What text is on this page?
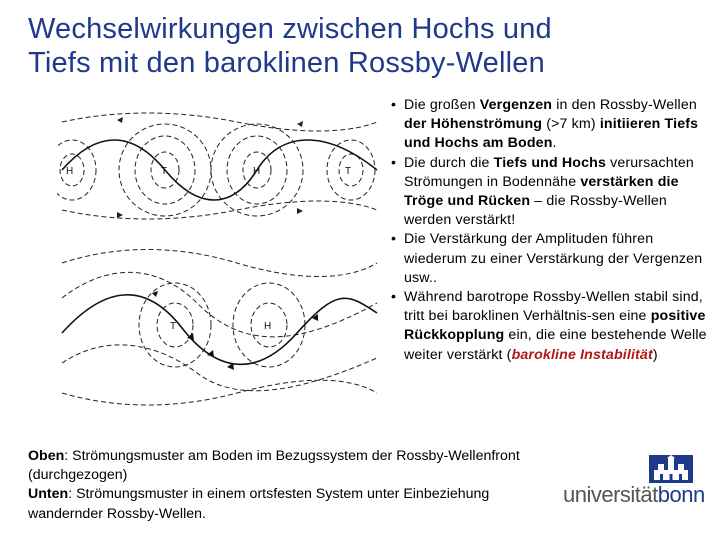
Wechselwirkungen zwischen Hochs und
Tiefs mit den baroklinen Rossby-Wellen
H	T	H	T
T	H
• Die großen Vergenzen in den Rossby-Wellen der Höhenströmung (>7 km) initiieren Tiefs und Hochs am Boden.
• Die durch die Tiefs und Hochs verursachten Strömungen in Bodennähe verstärken die Tröge und Rücken – die Rossby-Wellen werden verstärkt!
• Die Verstärkung der Amplituden führen wiederum zu einer Verstärkung der Vergenzen usw..
• Während barotrope Rossby-Wellen stabil sind, tritt bei baroklinen Verhältnis-sen eine positive Rückkopplung ein, die eine bestehende Welle weiter verstärkt (barokline Instabilität)
Oben: Strömungsmuster am Boden im Bezugssystem der Rossby-Wellenfront (durchgezogen)
Unten: Strömungsmuster in einem ortsfesten System unter Einbeziehung wandernder Rossby-Wellen.
universitätbonn
